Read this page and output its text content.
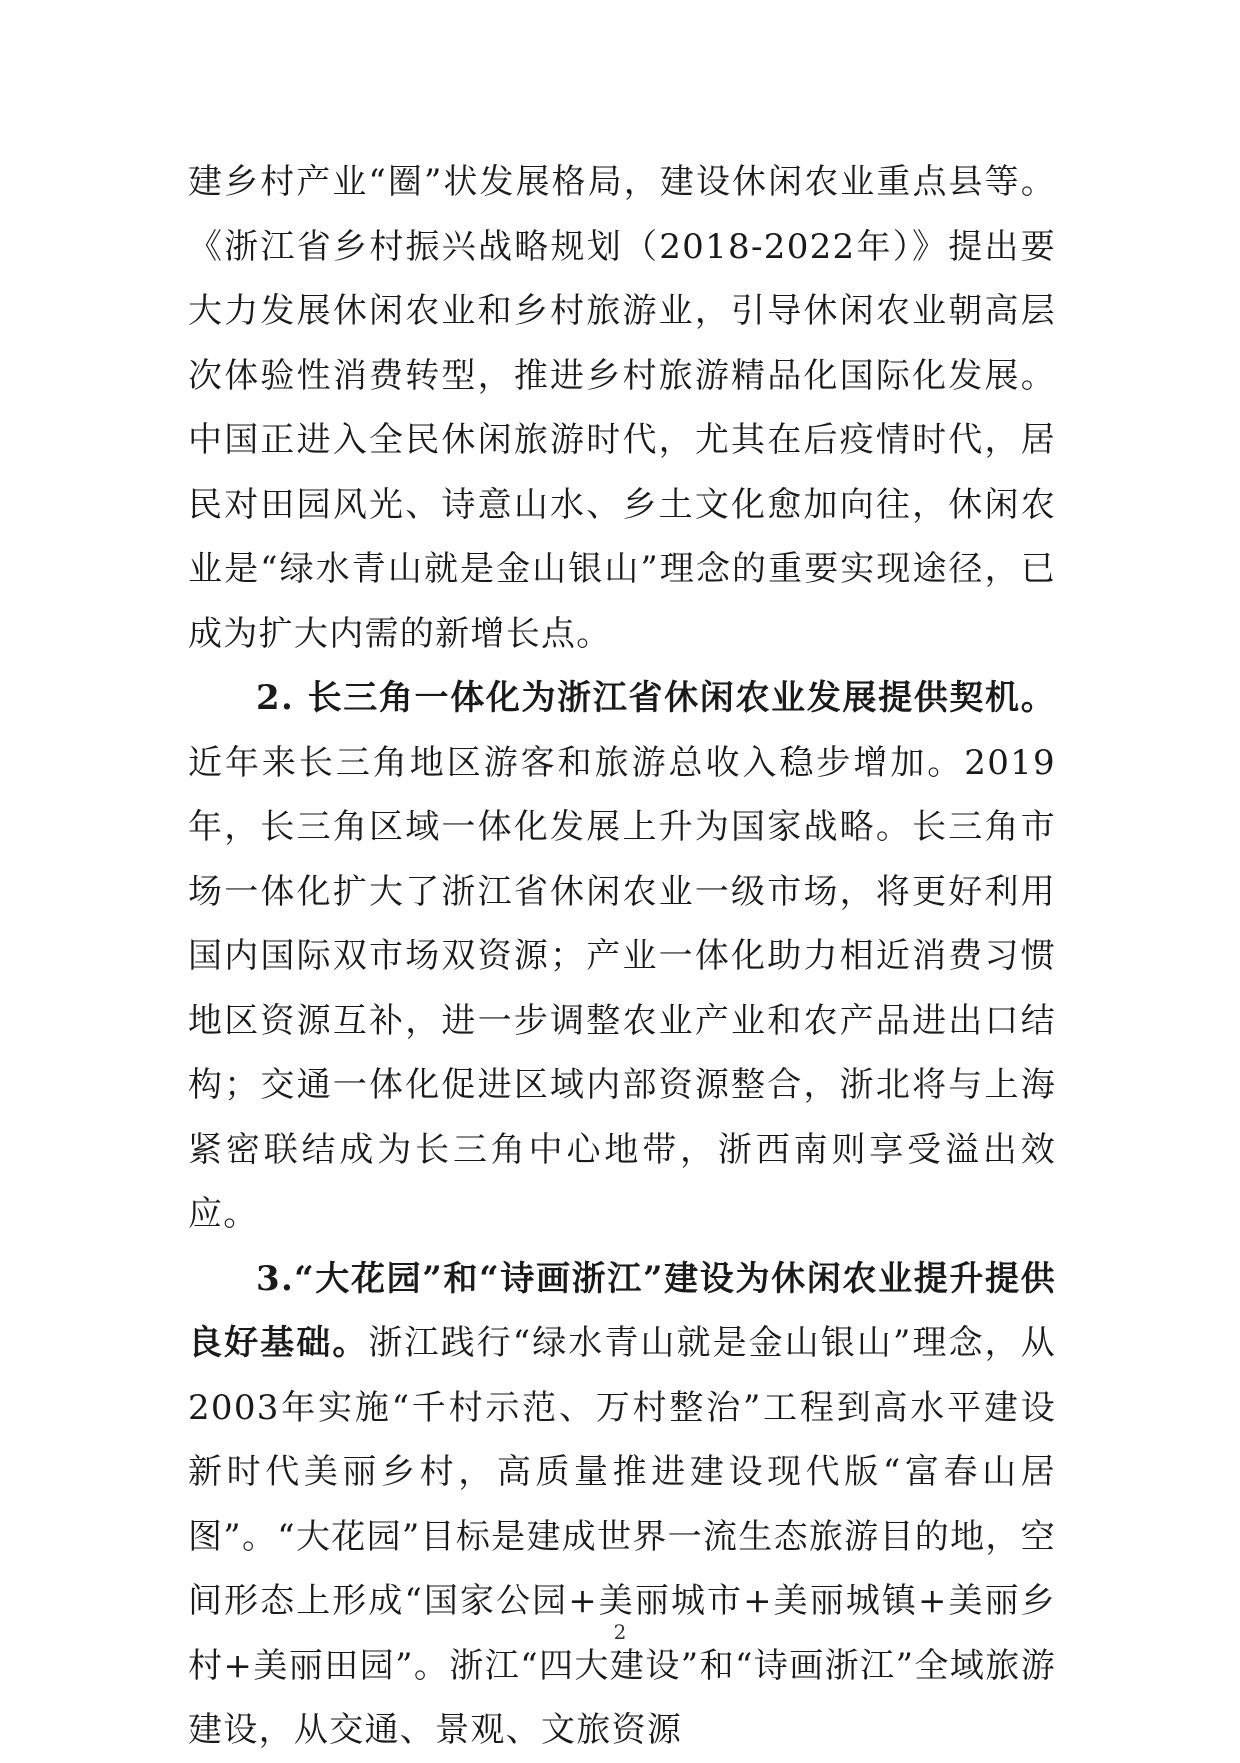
建乡村产业“圈”状发展格局，建设休闲农业重点县等。《浙江省乡村振兴战略规划（2018-2022年）》提出要大力发展休闲农业和乡村旅游业，引导休闲农业朝高层次体验性消费转型，推进乡村旅游精品化国际化发展。中国正进入全民休闲旅游时代，尤其在后疫情时代，居民对田园风光、诗意山水、乡土文化愈加向往，休闲农业是“绿水青山就是金山银山”理念的重要实现途径，已成为扩大内需的新增长点。

2. 长三角一体化为浙江省休闲农业发展提供契机。近年来长三角地区游客和旅游总收入稳步增加。2019年，长三角区域一体化发展上升为国家战略。长三角市场一体化扩大了浙江省休闲农业一级市场，将更好利用国内国际双市场双资源；产业一体化助力相近消费习惯地区资源互补，进一步调整农业产业和农产品进出口结构；交通一体化促进区域内部资源整合，浙北将与上海紧密联结成为长三角中心地带，浙西南则享受溢出效应。

3.“大花园”和“诗画浙江”建设为休闲农业提升提供良好基础。浙江践行“绿水青山就是金山银山”理念，从2003年实施“千村示范、万村整治”工程到高水平建设新时代美丽乡村，高质量推进建设现代版“富春山居图”。“大花园”目标是建成世界一流生态旅游目的地，空间形态上形成“国家公园+美丽城市+美丽城镇+美丽乡村+美丽田园”。浙江“四大建设”和“诗画浙江”全域旅游建设，从交通、景观、文旅资源

2
